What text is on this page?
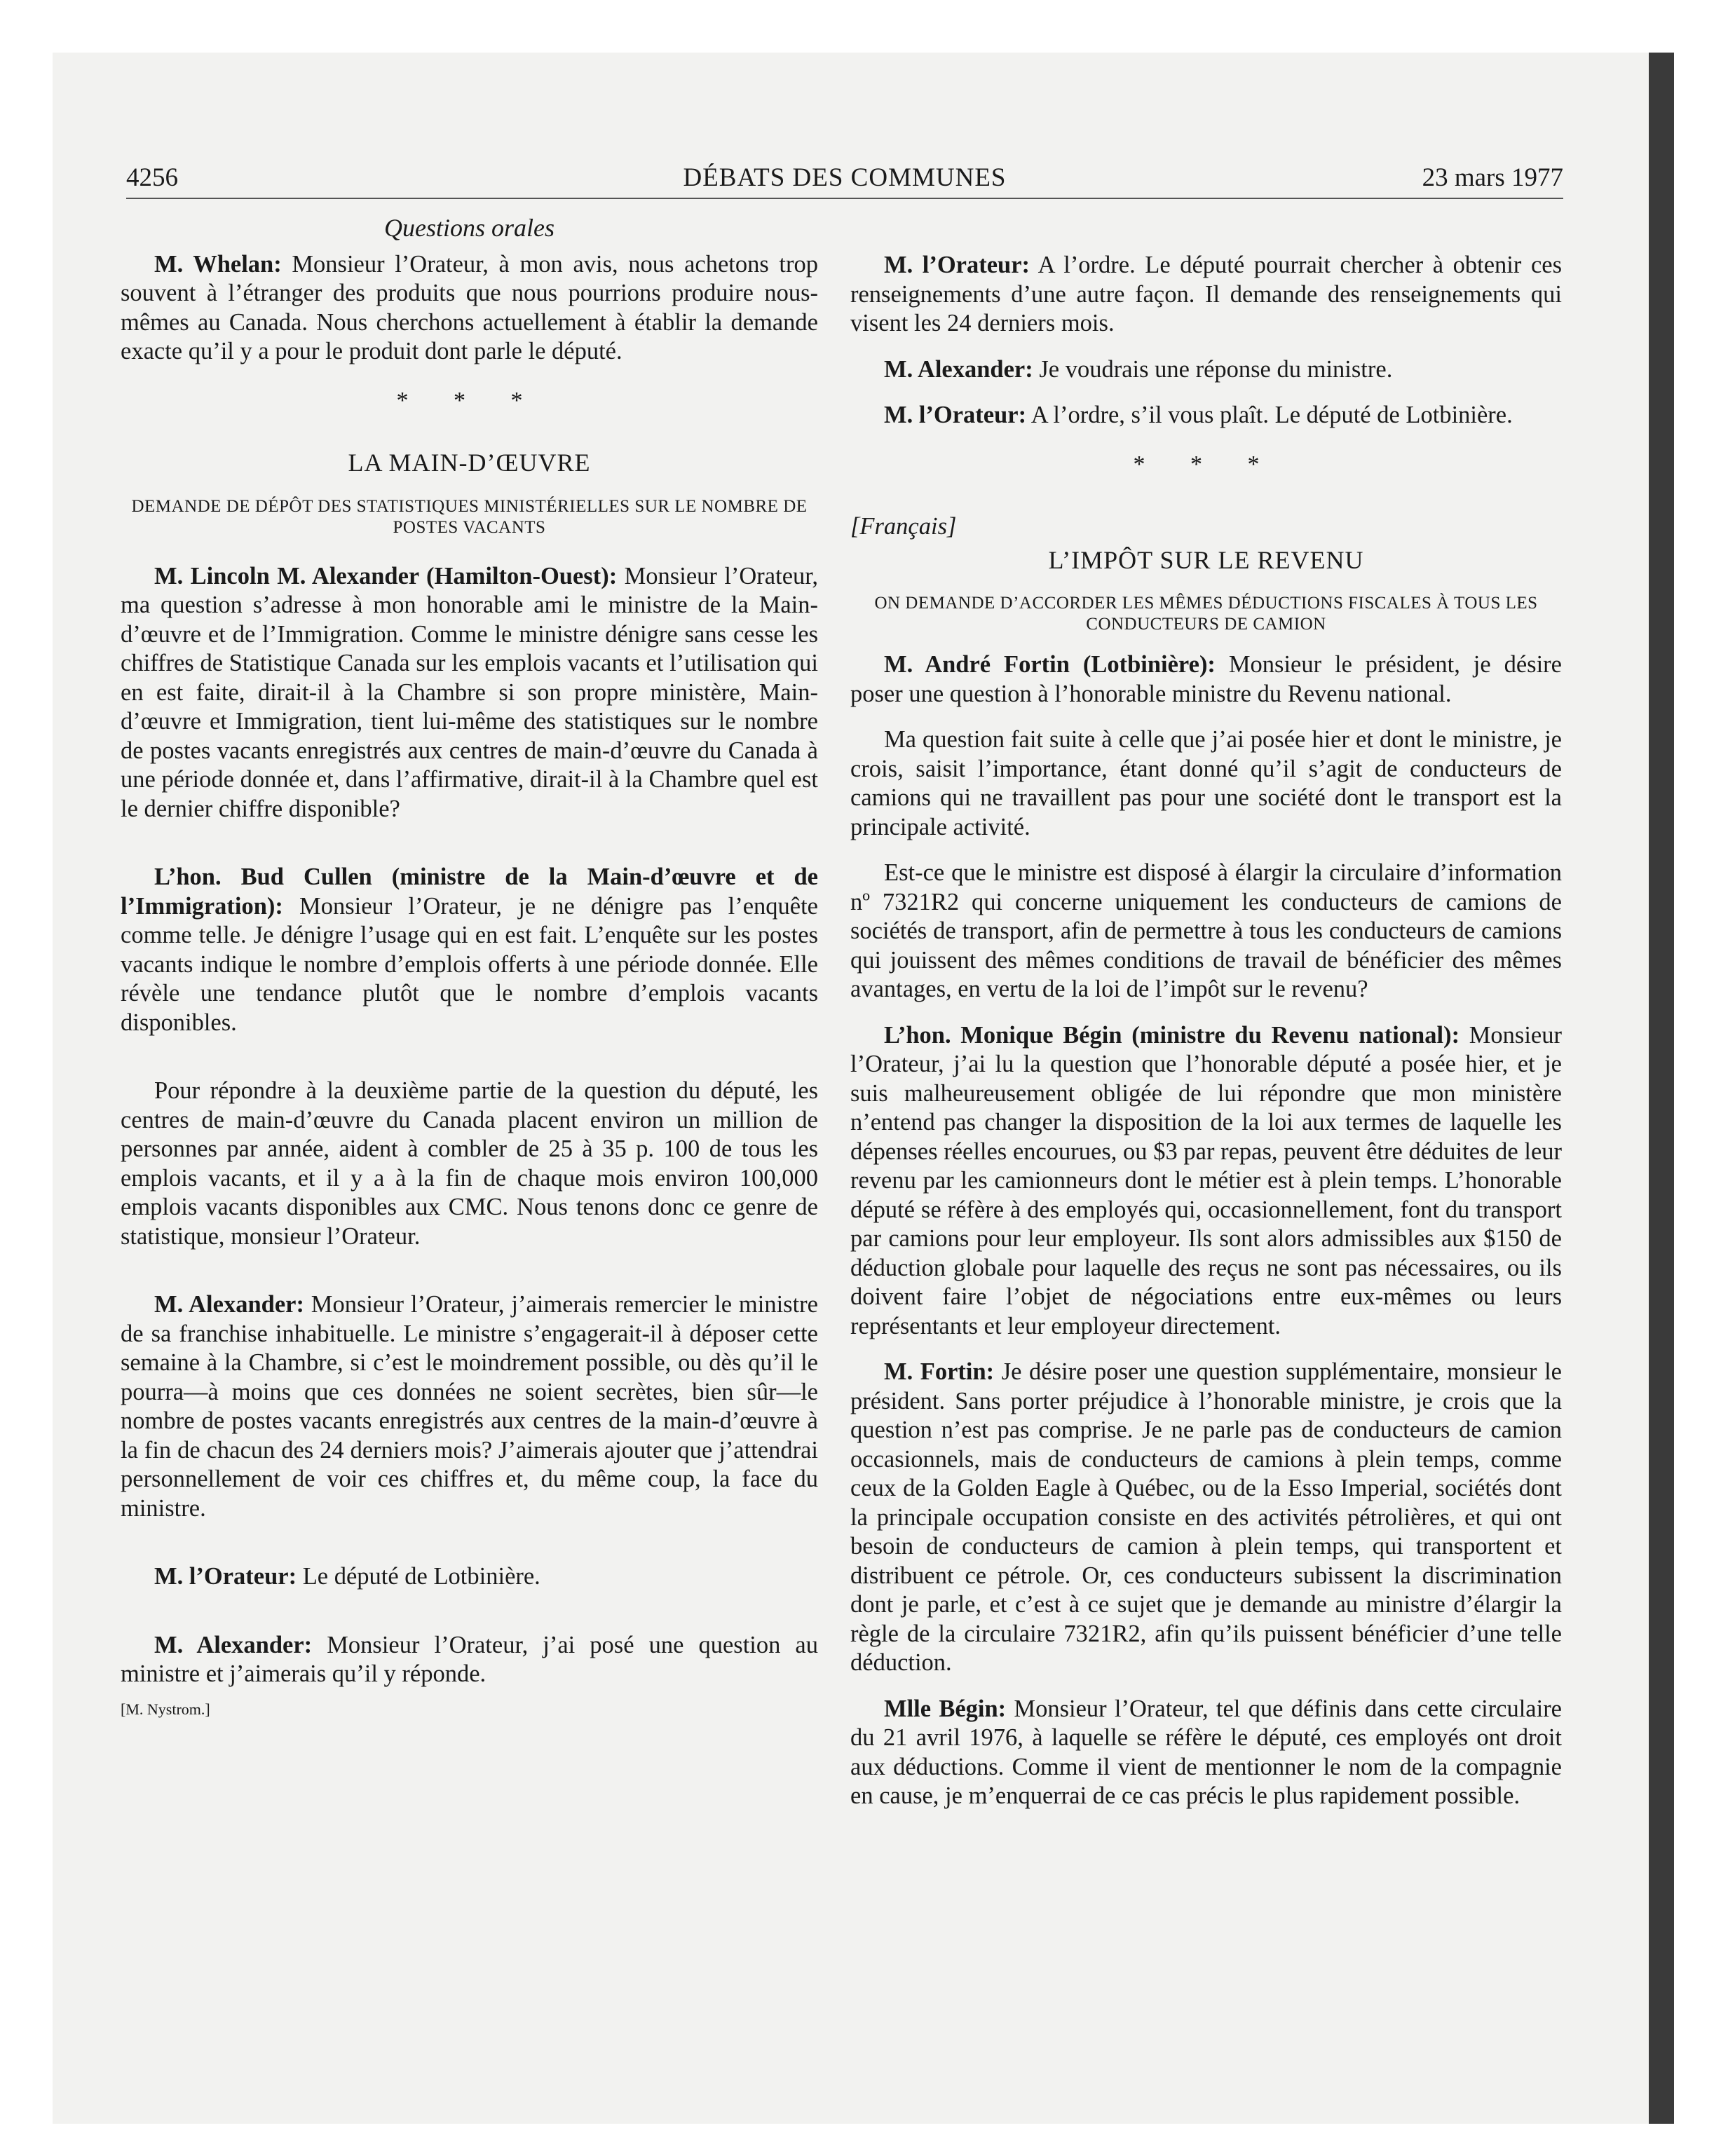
4256	DÉBATS DES COMMUNES	23 mars 1977
Questions orales

M. Whelan: Monsieur l’Orateur, à mon avis, nous achetons trop souvent à l’étranger des produits que nous pourrions produire nous-mêmes au Canada. Nous cherchons actuellement à établir la demande exacte qu’il y a pour le produit dont parle le député.

* * *
LA MAIN-D’ŒUVRE
DEMANDE DE DÉPÔT DES STATISTIQUES MINISTÉRIELLES SUR LE NOMBRE DE POSTES VACANTS

M. Lincoln M. Alexander (Hamilton-Ouest): Monsieur l’Orateur, ma question s’adresse à mon honorable ami le ministre de la Main-d’œuvre et de l’Immigration. Comme le ministre dénigre sans cesse les chiffres de Statistique Canada sur les emplois vacants et l’utilisation qui en est faite, dirait-il à la Chambre si son propre ministère, Main-d’œuvre et Immigration, tient lui-même des statistiques sur le nombre de postes vacants enregistrés aux centres de main-d’œuvre du Canada à une période donnée et, dans l’affirmative, dirait-il à la Chambre quel est le dernier chiffre disponible?

L’hon. Bud Cullen (ministre de la Main-d’œuvre et de l’Immigration): Monsieur l’Orateur, je ne dénigre pas l’enquête comme telle. Je dénigre l’usage qui en est fait. L’enquête sur les postes vacants indique le nombre d’emplois offerts à une période donnée. Elle révèle une tendance plutôt que le nombre d’emplois vacants disponibles.

Pour répondre à la deuxième partie de la question du député, les centres de main-d’œuvre du Canada placent environ un million de personnes par année, aident à combler de 25 à 35 p. 100 de tous les emplois vacants, et il y a à la fin de chaque mois environ 100,000 emplois vacants disponibles aux CMC. Nous tenons donc ce genre de statistique, monsieur l’Orateur.

M. Alexander: Monsieur l’Orateur, j’aimerais remercier le ministre de sa franchise inhabituelle. Le ministre s’engagerait-il à déposer cette semaine à la Chambre, si c’est le moindrement possible, ou dès qu’il le pourra—à moins que ces données ne soient secrètes, bien sûr—le nombre de postes vacants enregistrés aux centres de la main-d’œuvre à la fin de chacun des 24 derniers mois? J’aimerais ajouter que j’attendrai personnellement de voir ces chiffres et, du même coup, la face du ministre.

M. l’Orateur: Le député de Lotbinière.

M. Alexander: Monsieur l’Orateur, j’ai posé une question au ministre et j’aimerais qu’il y réponde.

[M. Nystrom.]

M. l’Orateur: A l’ordre. Le député pourrait chercher à obtenir ces renseignements d’une autre façon. Il demande des renseignements qui visent les 24 derniers mois.

M. Alexander: Je voudrais une réponse du ministre.

M. l’Orateur: A l’ordre, s’il vous plaît. Le député de Lotbinière.

* * *
[Français]
L’IMPÔT SUR LE REVENU
ON DEMANDE D’ACCORDER LES MÊMES DÉDUCTIONS FISCALES À TOUS LES CONDUCTEURS DE CAMION

M. André Fortin (Lotbinière): Monsieur le président, je désire poser une question à l’honorable ministre du Revenu national.

Ma question fait suite à celle que j’ai posée hier et dont le ministre, je crois, saisit l’importance, étant donné qu’il s’agit de conducteurs de camions qui ne travaillent pas pour une société dont le transport est la principale activité.

Est-ce que le ministre est disposé à élargir la circulaire d’information nº 7321R2 qui concerne uniquement les conducteurs de camions de sociétés de transport, afin de permettre à tous les conducteurs de camions qui jouissent des mêmes conditions de travail de bénéficier des mêmes avantages, en vertu de la loi de l’impôt sur le revenu?

L’hon. Monique Bégin (ministre du Revenu national): Monsieur l’Orateur, j’ai lu la question que l’honorable député a posée hier, et je suis malheureusement obligée de lui répondre que mon ministère n’entend pas changer la disposition de la loi aux termes de laquelle les dépenses réelles encourues, ou $3 par repas, peuvent être déduites de leur revenu par les camionneurs dont le métier est à plein temps. L’honorable député se réfère à des employés qui, occasionnellement, font du transport par camions pour leur employeur. Ils sont alors admissibles aux $150 de déduction globale pour laquelle des reçus ne sont pas nécessaires, ou ils doivent faire l’objet de négociations entre eux-mêmes ou leurs représentants et leur employeur directement.

M. Fortin: Je désire poser une question supplémentaire, monsieur le président. Sans porter préjudice à l’honorable ministre, je crois que la question n’est pas comprise. Je ne parle pas de conducteurs de camion occasionnels, mais de conducteurs de camions à plein temps, comme ceux de la Golden Eagle à Québec, ou de la Esso Imperial, sociétés dont la principale occupation consiste en des activités pétrolières, et qui ont besoin de conducteurs de camion à plein temps, qui transportent et distribuent ce pétrole. Or, ces conducteurs subissent la discrimination dont je parle, et c’est à ce sujet que je demande au ministre d’élargir la règle de la circulaire 7321R2, afin qu’ils puissent bénéficier d’une telle déduction.

Mlle Bégin: Monsieur l’Orateur, tel que définis dans cette circulaire du 21 avril 1976, à laquelle se réfère le député, ces employés ont droit aux déductions. Comme il vient de mentionner le nom de la compagnie en cause, je m’enquerrai de ce cas précis le plus rapidement possible.
